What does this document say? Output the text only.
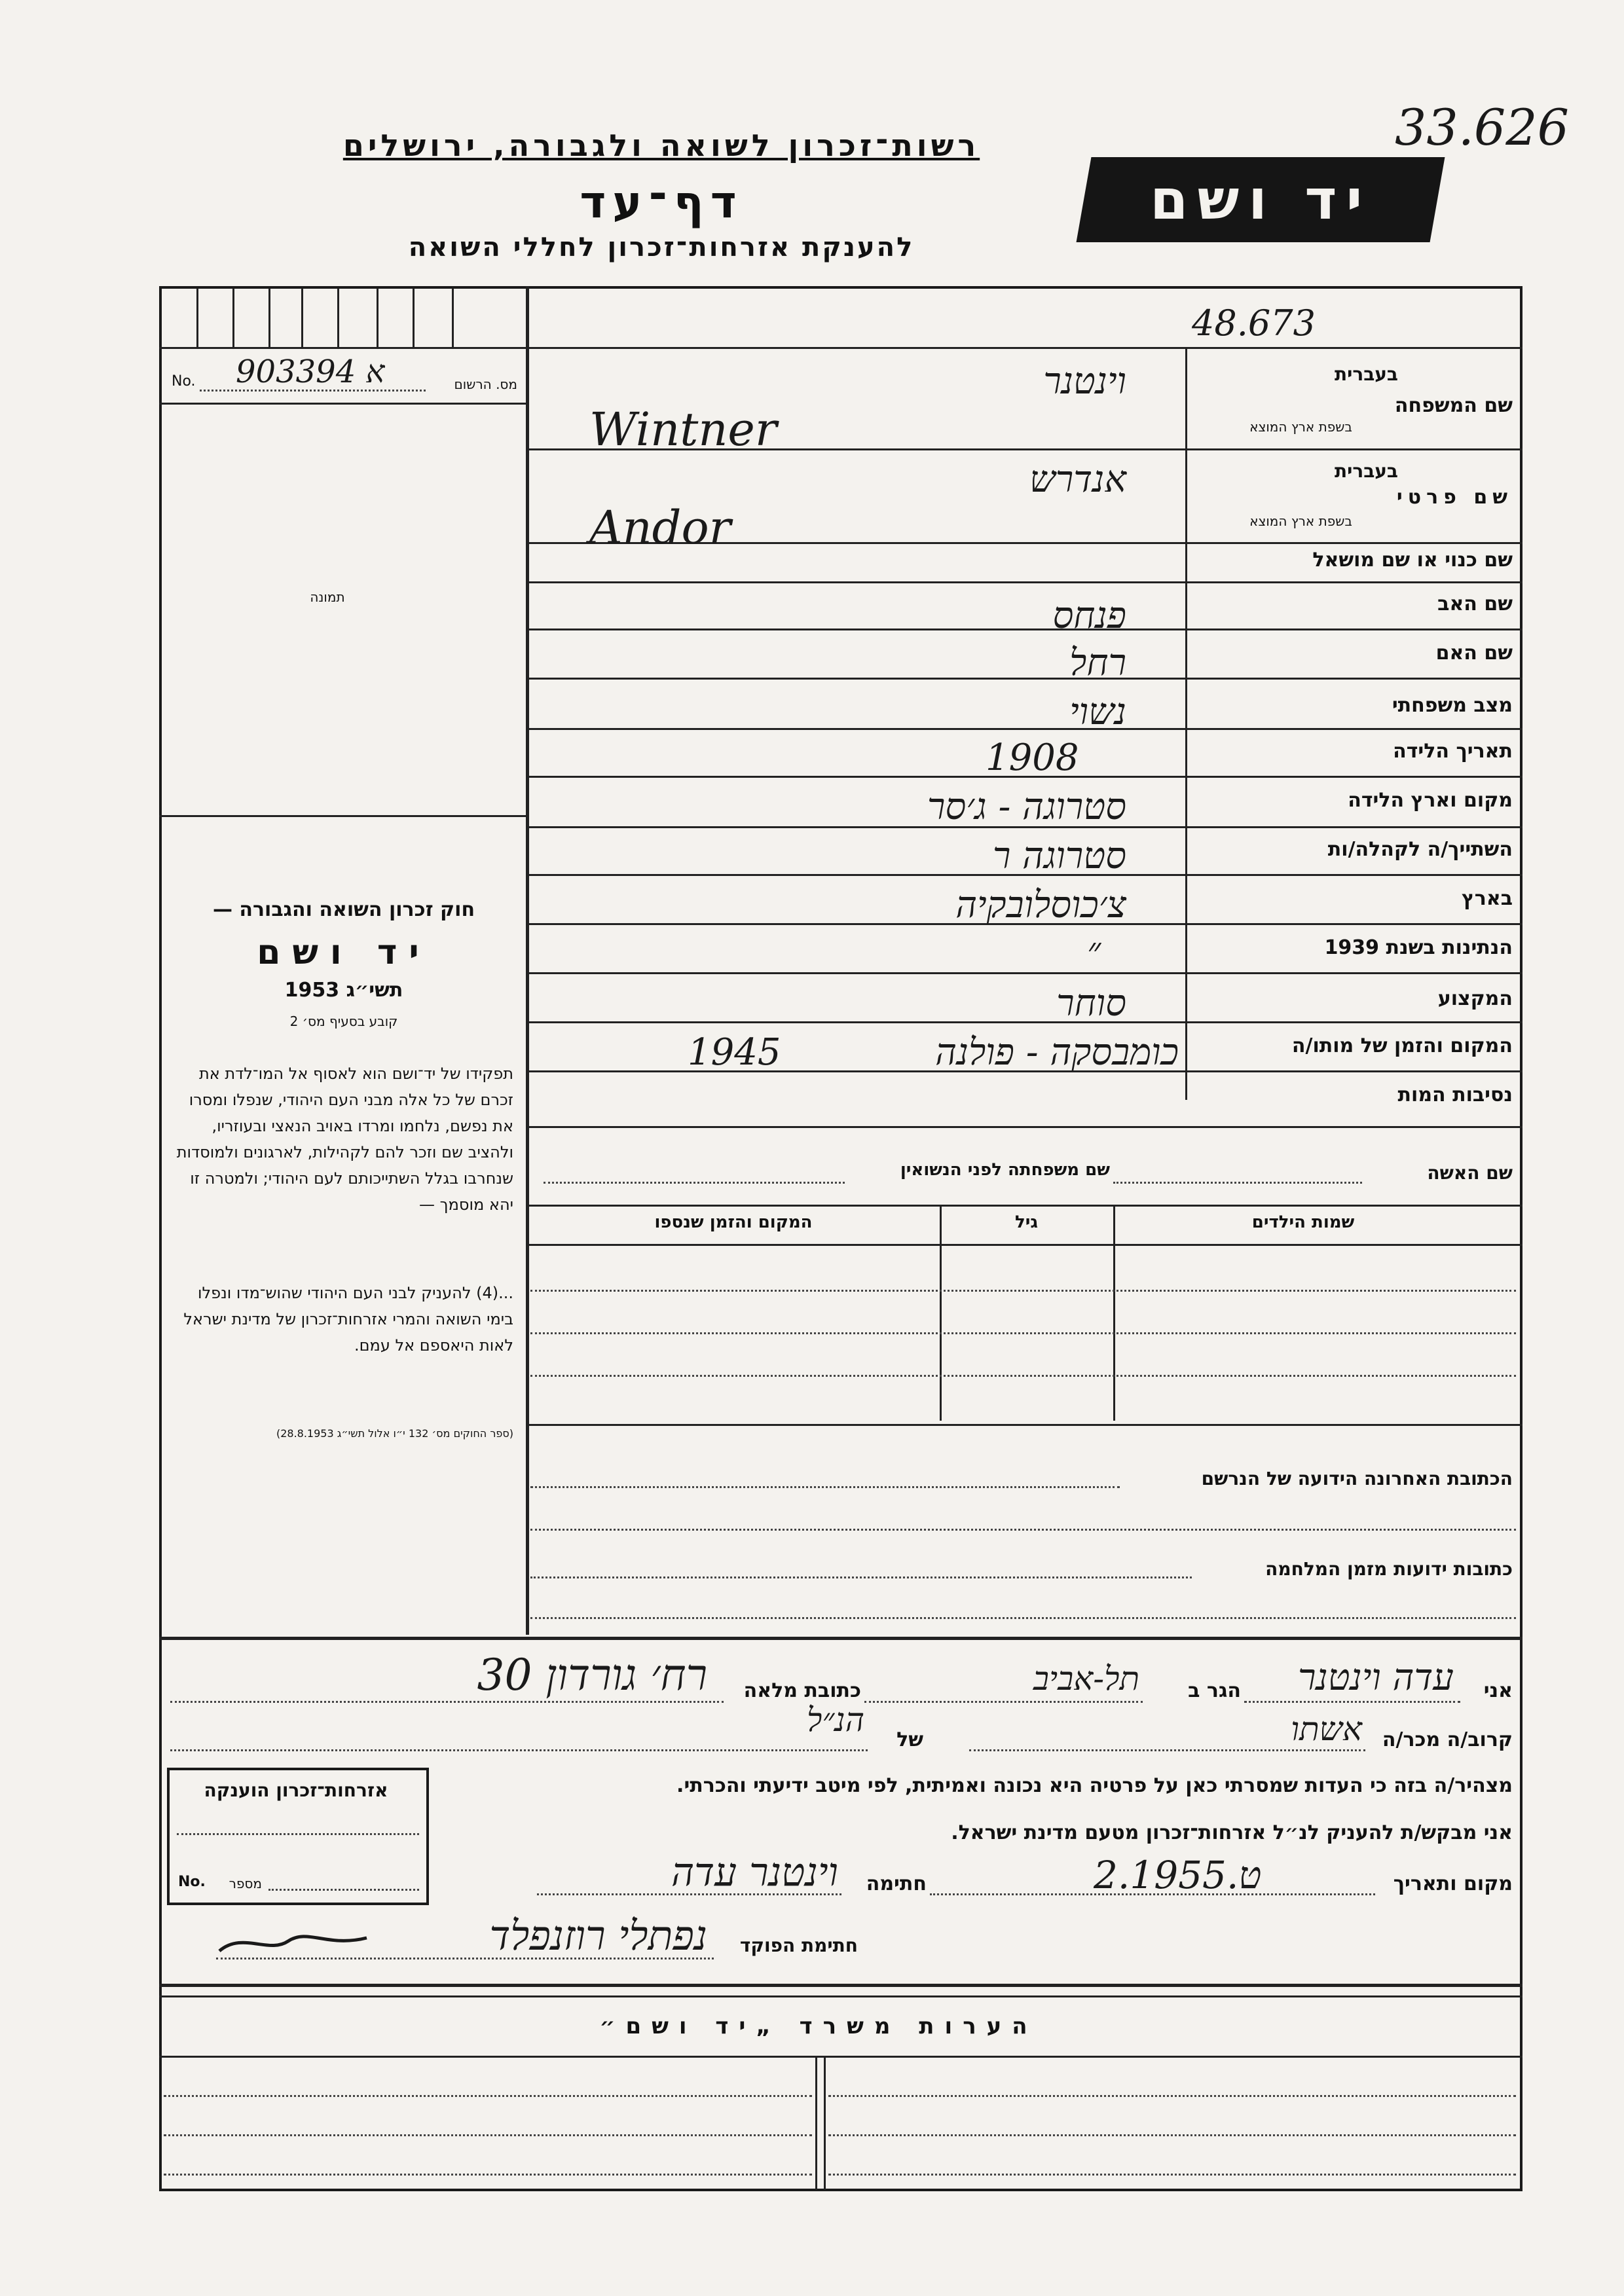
רשות־זכרון לשואה ולגבורה, ירושלים
דף־עד
להענקת אזרחות־זכרון לחללי השואה
יד ושם
33.626
48.673
No. 903394 א	מס. הרשום
תמונה
שם המשפחה
בעברית
בשפת ארץ המוצא
שם פרטי
בעברית
בשפת ארץ המוצא
שם כנוי או שם מושאל
שם האב
שם האם
מצב משפחתי
תאריך הלידה
מקום וארץ הלידה
השתייך/ה לקהלה/ות
בארץ
הנתינות בשנת 1939
המקצוע
המקום והזמן של מותו/ה
נסיבות המות
וינטנר
Wintner
אנדרש
Andor
פנחס
רחל
נשוי
1908
סטרוגה - ג׳סר
סטרוגה ר
צ׳כוסלובקיה
״
סוחר
כומבסקה - פולנה
1945
חוק זכרון השואה והגבורה —
יד ושם
תשי״ג 1953
קובע בסעיף מס׳ 2
תפקידו של יד־ושם הוא לאסוף אל המו־לדת את זכרם של כל אלה מבני העם היהודי, שנפלו ומסרו את נפשם, נלחמו ומרדו באויב הנאצי ובעוזריו, ולהציב שם וזכר להם לקהילות, לארגונים ולמוסדות שנחרבו בגלל השתייכותם לעם היהודי; ולמטרה זו יהא מוסמך —
...(4) להעניק לבני העם היהודי שהוש־מדו ונפלו בימי השואה והמרי אזרחות־זכרון של מדינת ישראל לאות היאספם אל עמם.
(ספר החוקים מס׳ 132 י״ו אלול תשי״ג 28.8.1953)
שם האשה
שם משפחתה לפני הנשואין
שמות הילדים
גיל
המקום והזמן שנספו
הכתובת האחרונה הידועה של הנרשם
כתובות ידועות מזמן המלחמה
אני
עדה וינטנר
הגר ב
תל-אביב
כתובת מלאה
רח׳ גורדון 30
קרוב/ה מכר/ה
אשתו
של
הנ״ל
מצהיר/ה בזה כי העדות שמסרתי כאן על פרטיה היא נכונה ואמיתית, לפי מיטב ידיעתי והכרתי.
אני מבקש/ת להעניק לנ״ל אזרחות־זכרון מטעם מדינת ישראל.
מקום ותאריך
2.ט.1955
חתימה
וינטנר עדה
אזרחות־זכרון הוענקה
No.	מספר
חתימת הפוקד
נפתלי רוזנפלד
הערות משרד „יד ושם״
